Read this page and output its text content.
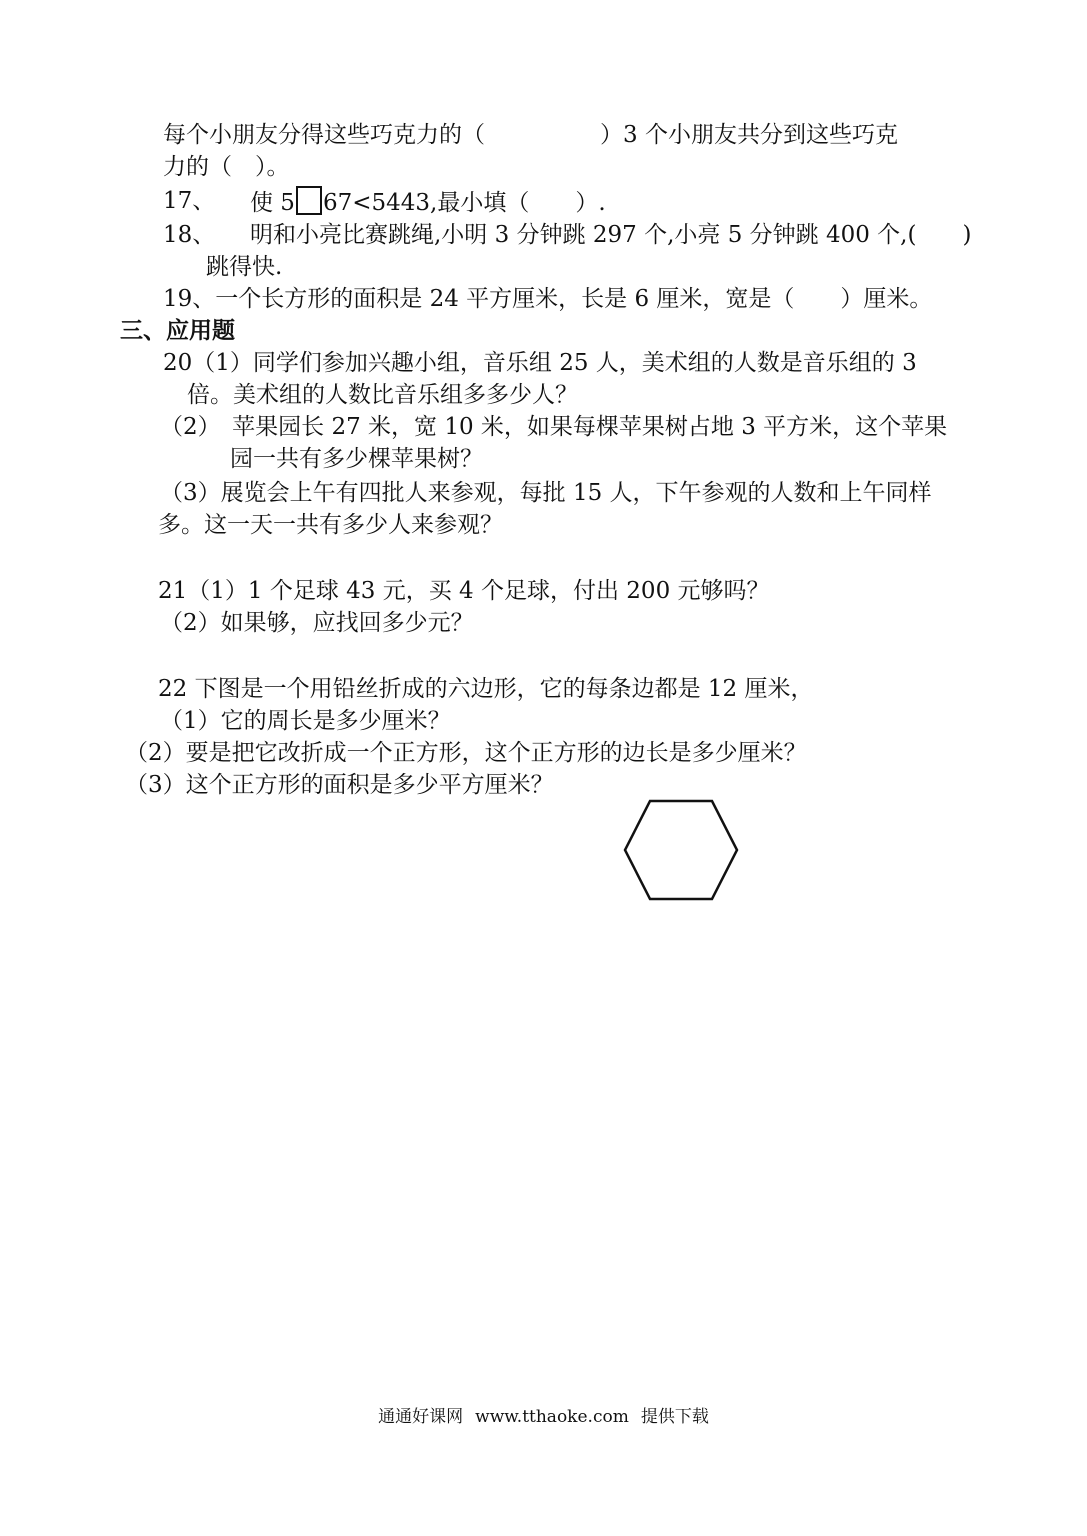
每个小朋友分得这些巧克力的（　　　　　）3 个小朋友共分到这些巧克
力的（　）。
17、 使 5 67<5443,最小填（　　）.
18、 明和小亮比赛跳绳,小明 3 分钟跳 297 个,小亮 5 分钟跳 400 个,(　　)
跳得快.
19、一个长方形的面积是 24 平方厘米，长是 6 厘米，宽是（　　）厘米。
三、应用题
20（1）同学们参加兴趣小组，音乐组 25 人，美术组的人数是音乐组的 3
倍。美术组的人数比音乐组多多少人？
（2）　苹果园长 27 米，宽 10 米，如果每棵苹果树占地 3 平方米，这个苹果
园一共有多少棵苹果树？
（3）展览会上午有四批人来参观，每批 15 人，下午参观的人数和上午同样
多。这一天一共有多少人来参观？
21（1）1 个足球 43 元，买 4 个足球，付出 200 元够吗？
（2）如果够，应找回多少元？
22 下图是一个用铅丝折成的六边形，它的每条边都是 12 厘米，
（1）它的周长是多少厘米？
（2）要是把它改折成一个正方形，这个正方形的边长是多少厘米？
（3）这个正方形的面积是多少平方厘米？
通通好课网 www.tthaoke.com 提供下载
